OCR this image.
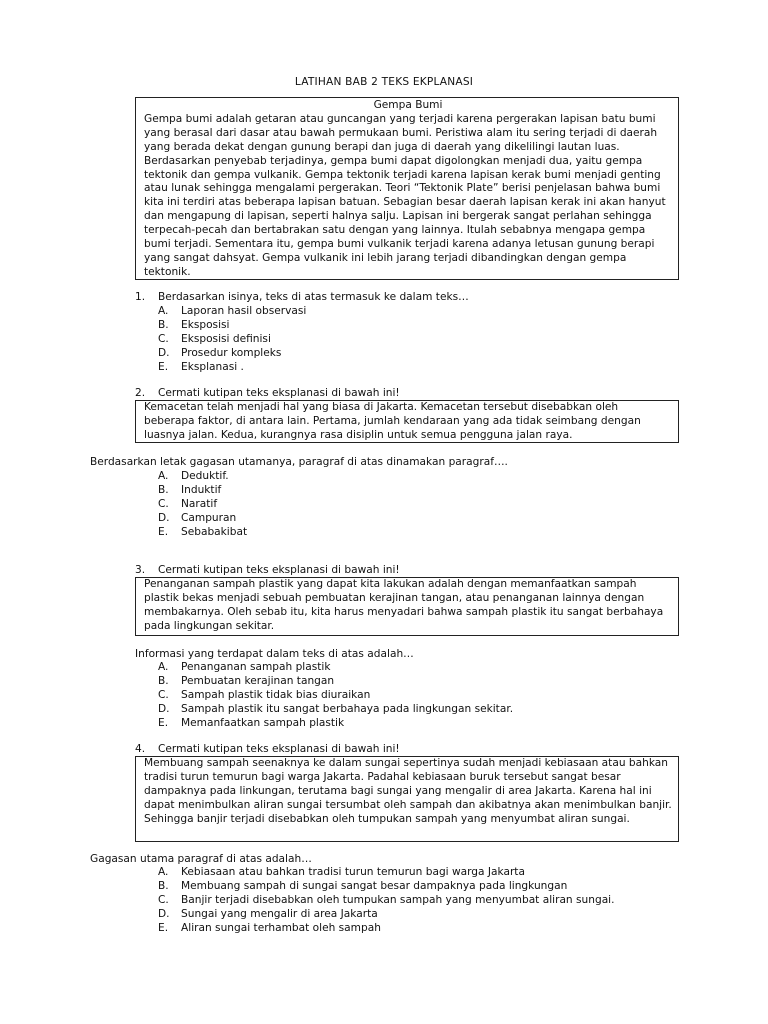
LATIHAN BAB 2 TEKS EKPLANASI

Gempa Bumi

Gempa bumi adalah getaran atau guncangan yang terjadi karena pergerakan lapisan batu bumi yang berasal dari dasar atau bawah permukaan bumi. Peristiwa alam itu sering terjadi di daerah yang berada dekat dengan gunung berapi dan juga di daerah yang dikelilingi lautan luas. Berdasarkan penyebab terjadinya, gempa bumi dapat digolongkan menjadi dua, yaitu gempa tektonik dan gempa vulkanik. Gempa tektonik terjadi karena lapisan kerak bumi menjadi genting atau lunak sehingga mengalami pergerakan. Teori “Tektonik Plate” berisi penjelasan bahwa bumi kita ini terdiri atas beberapa lapisan batuan. Sebagian besar daerah lapisan kerak ini akan hanyut dan mengapung di lapisan, seperti halnya salju. Lapisan ini bergerak sangat perlahan sehingga terpecah-pecah dan bertabrakan satu dengan yang lainnya. Itulah sebabnya mengapa gempa bumi terjadi. Sementara itu, gempa bumi vulkanik terjadi karena adanya letusan gunung berapi yang sangat dahsyat. Gempa vulkanik ini lebih jarang terjadi dibandingkan dengan gempa tektonik.

1. Berdasarkan isinya, teks di atas termasuk ke dalam teks…
A. Laporan hasil observasi
B. Eksposisi
C. Eksposisi definisi
D. Prosedur kompleks
E. Eksplanasi .
2. Cermati kutipan teks eksplanasi di bawah ini!

Kemacetan telah menjadi hal yang biasa di Jakarta. Kemacetan tersebut disebabkan oleh beberapa faktor, di antara lain. Pertama, jumlah kendaraan yang ada tidak seimbang dengan luasnya jalan. Kedua, kurangnya rasa disiplin untuk semua pengguna jalan raya.

Berdasarkan letak gagasan utamanya, paragraf di atas dinamakan paragraf….
A. Deduktif.
B. Induktif
C. Naratif
D. Campuran
E. Sebabakibat
3. Cermati kutipan teks eksplanasi di bawah ini!

Penanganan sampah plastik yang dapat kita lakukan adalah dengan memanfaatkan sampah plastik bekas menjadi sebuah pembuatan kerajinan tangan, atau penanganan lainnya dengan membakarnya. Oleh sebab itu, kita harus menyadari bahwa sampah plastik itu sangat berbahaya pada lingkungan sekitar.

Informasi yang terdapat dalam teks di atas adalah…
A. Penanganan sampah plastik
B. Pembuatan kerajinan tangan
C. Sampah plastik tidak bias diuraikan
D. Sampah plastik itu sangat berbahaya pada lingkungan sekitar.
E. Memanfaatkan sampah plastik
4. Cermati kutipan teks eksplanasi di bawah ini!

Membuang sampah seenaknya ke dalam sungai sepertinya sudah menjadi kebiasaan atau bahkan tradisi turun temurun bagi warga Jakarta. Padahal kebiasaan buruk tersebut sangat besar dampaknya pada linkungan, terutama bagi sungai yang mengalir di area Jakarta. Karena hal ini dapat menimbulkan aliran sungai tersumbat oleh sampah dan akibatnya akan menimbulkan banjir. Sehingga banjir terjadi disebabkan oleh tumpukan sampah yang menyumbat aliran sungai.

Gagasan utama paragraf di atas adalah…
A. Kebiasaan atau bahkan tradisi turun temurun bagi warga Jakarta
B. Membuang sampah di sungai sangat besar dampaknya pada lingkungan
C. Banjir terjadi disebabkan oleh tumpukan sampah yang menyumbat aliran sungai.
D. Sungai yang mengalir di area Jakarta
E. Aliran sungai terhambat oleh sampah
